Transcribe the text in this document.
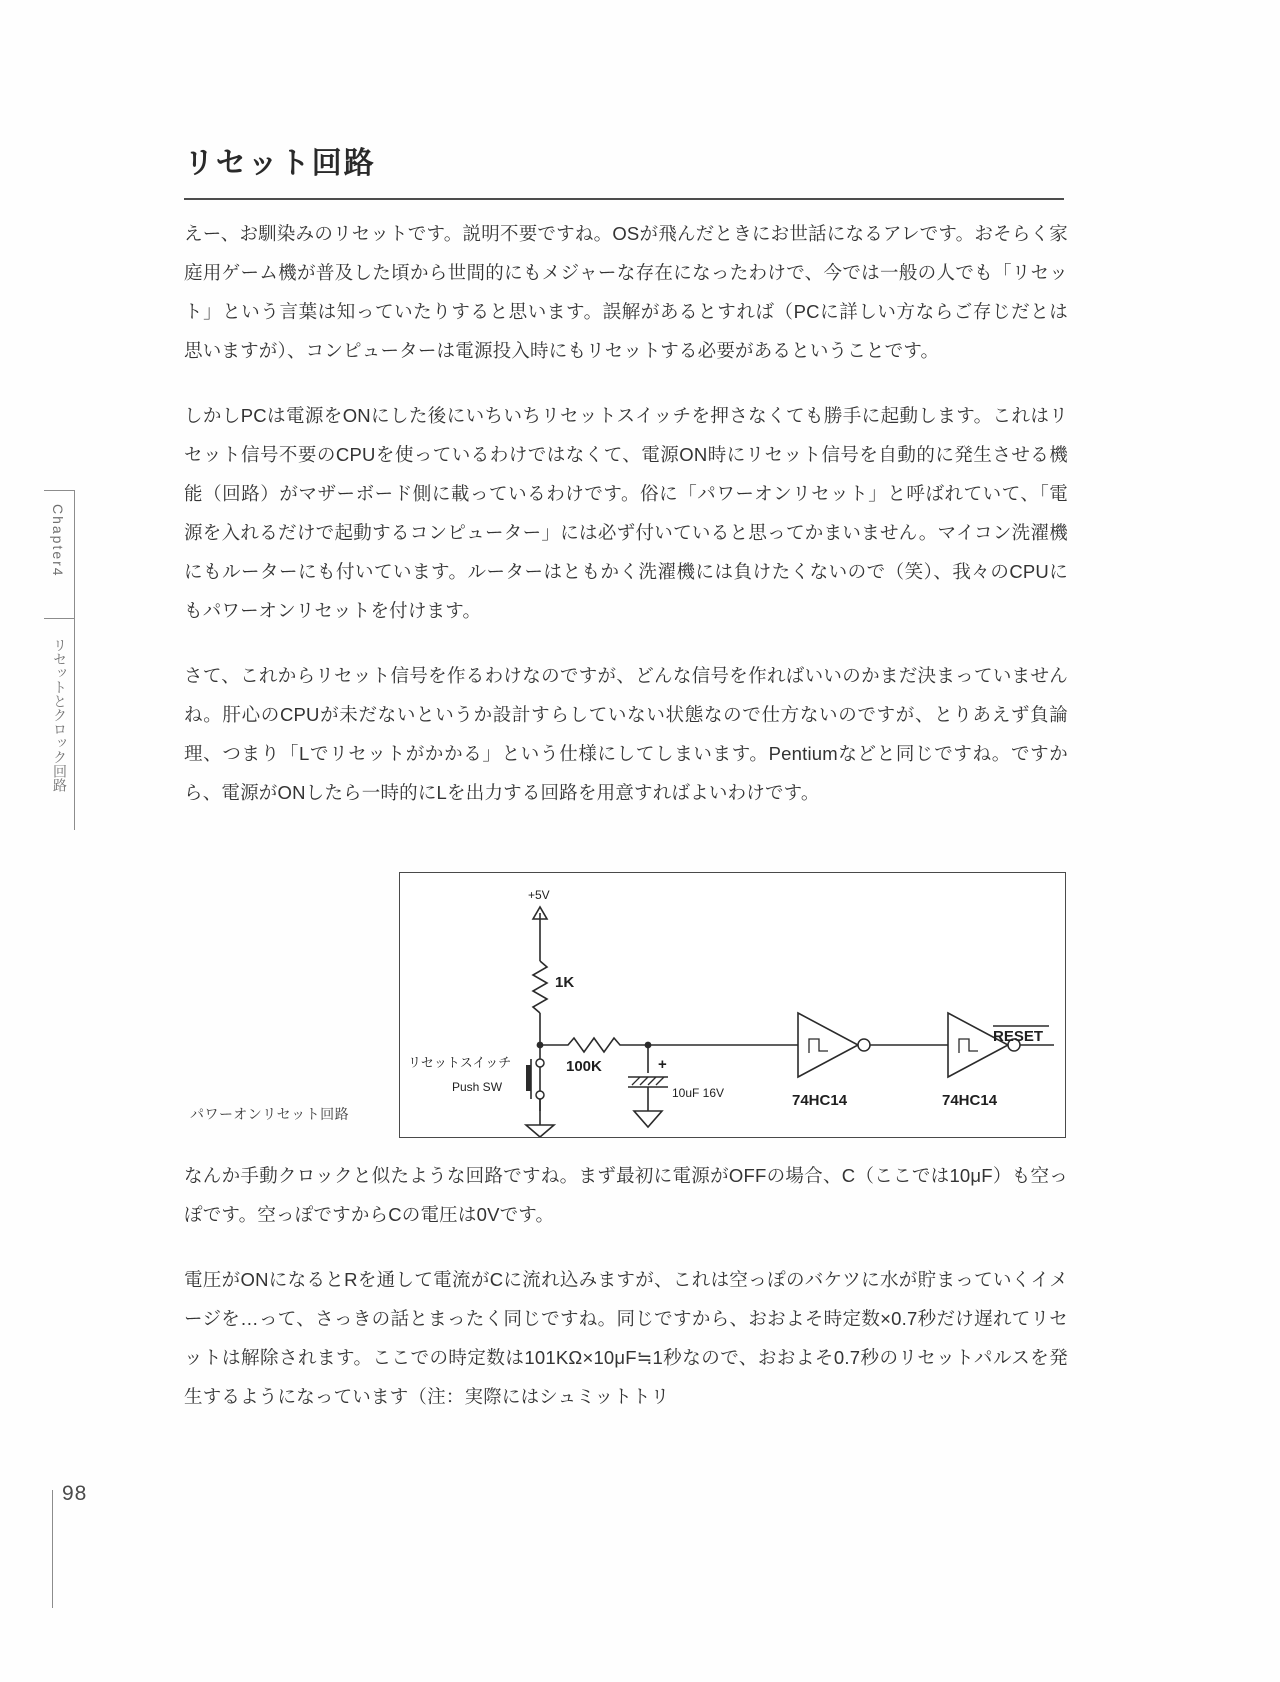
Chapter4
リセットとクロック回路
リセット回路

えー、お馴染みのリセットです。説明不要ですね。OSが飛んだときにお世話になるアレです。おそらく家庭用ゲーム機が普及した頃から世間的にもメジャーな存在になったわけで、今では一般の人でも「リセット」という言葉は知っていたりすると思います。誤解があるとすれば（PCに詳しい方ならご存じだとは思いますが）、コンピューターは電源投入時にもリセットする必要があるということです。

しかしPCは電源をONにした後にいちいちリセットスイッチを押さなくても勝手に起動します。これはリセット信号不要のCPUを使っているわけではなくて、電源ON時にリセット信号を自動的に発生させる機能（回路）がマザーボード側に載っているわけです。俗に「パワーオンリセット」と呼ばれていて、「電源を入れるだけで起動するコンピューター」には必ず付いていると思ってかまいません。マイコン洗濯機にもルーターにも付いています。ルーターはともかく洗濯機には負けたくないので（笑）、我々のCPUにもパワーオンリセットを付けます。

さて、これからリセット信号を作るわけなのですが、どんな信号を作ればいいのかまだ決まっていませんね。肝心のCPUが未だないというか設計すらしていない状態なので仕方ないのですが、とりあえず負論理、つまり「Lでリセットがかかる」という仕様にしてしまいます。Pentiumなどと同じですね。ですから、電源がONしたら一時的にLを出力する回路を用意すればよいわけです。

パワーオンリセット回路
+5V
1K
100K	+
10uF 16V
リセットスイッチ
Push SW
74HC14	74HC14
RESET

なんか手動クロックと似たような回路ですね。まず最初に電源がOFFの場合、C（ここでは10μF）も空っぽです。空っぽですからCの電圧は0Vです。

電圧がONになるとRを通して電流がCに流れ込みますが、これは空っぽのバケツに水が貯まっていくイメージを…って、さっきの話とまったく同じですね。同じですから、おおよそ時定数×0.7秒だけ遅れてリセットは解除されます。ここでの時定数は101KΩ×10μF≒1秒なので、おおよそ0.7秒のリセットパルスを発生するようになっています（注：実際にはシュミットトリ

98
